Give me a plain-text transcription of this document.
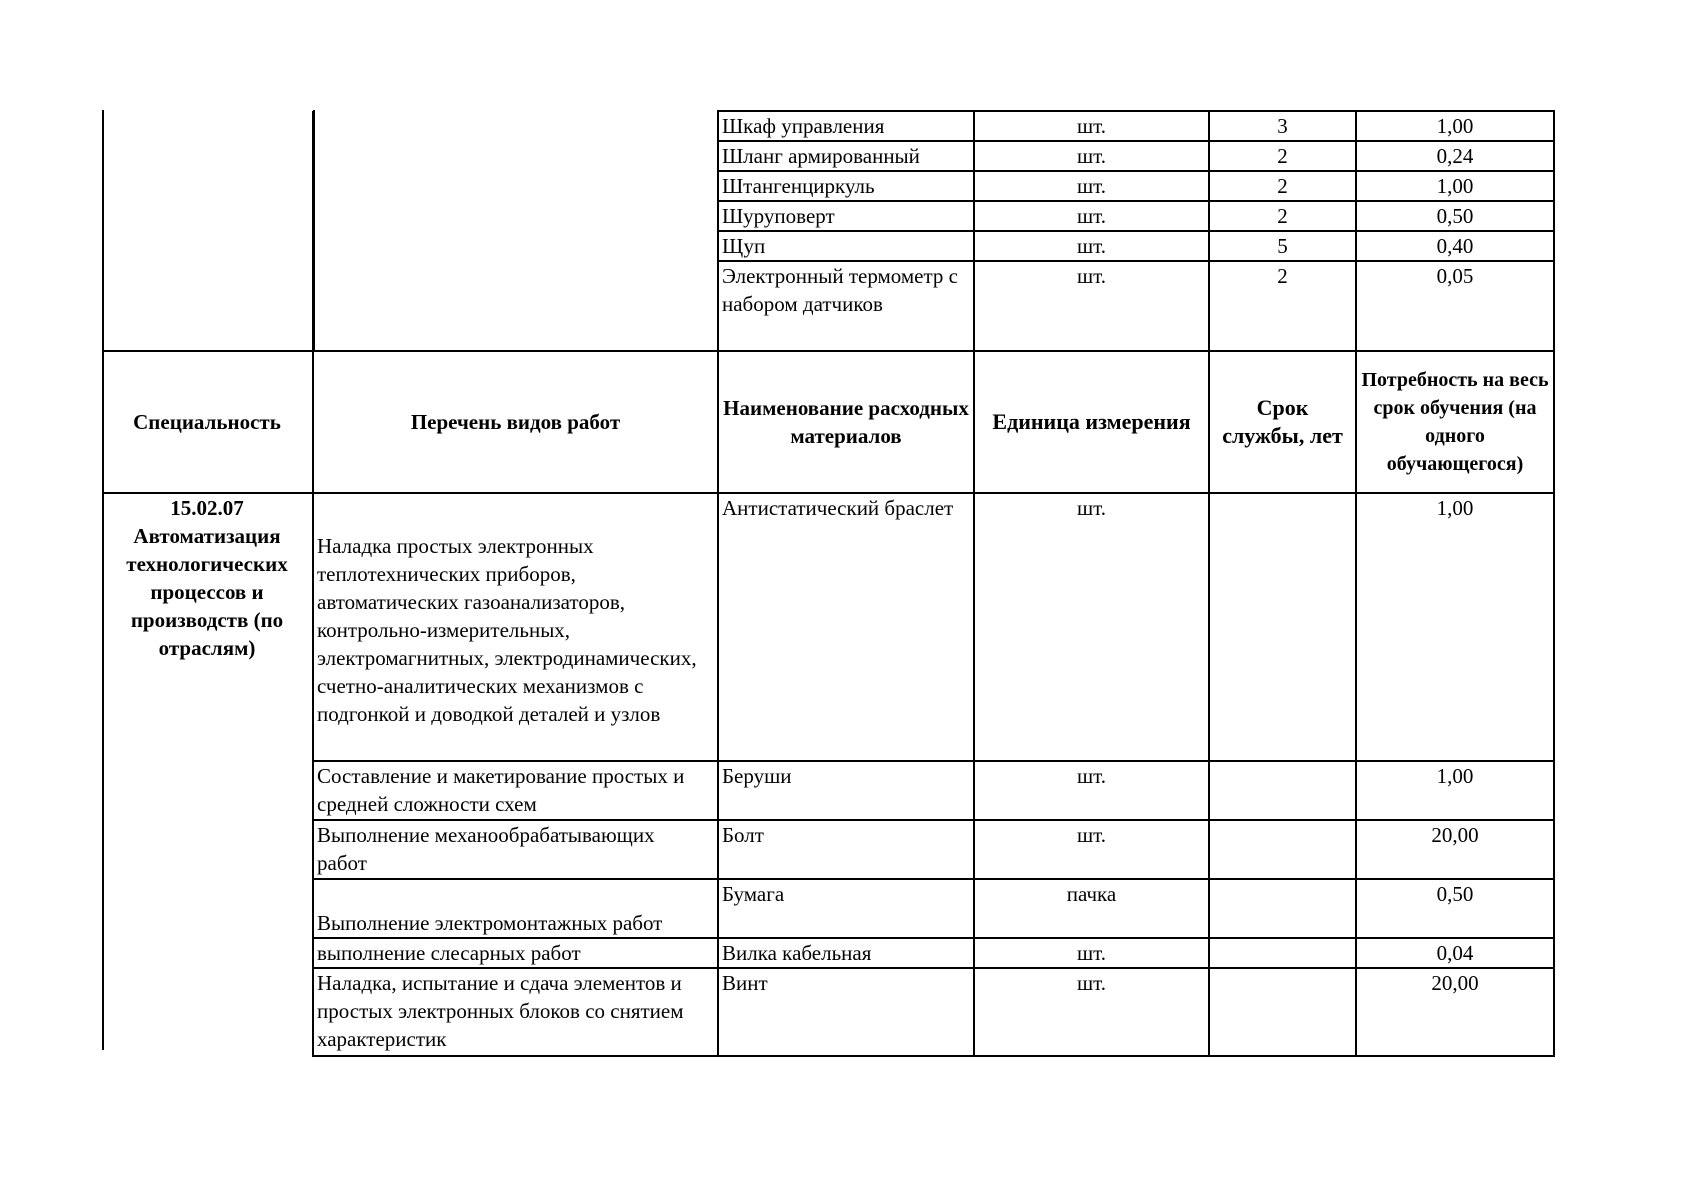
		Шкаф управления	шт.	3	1,00
		Шланг армированный	шт.	2	0,24
		Штангенциркуль	шт.	2	1,00
		Шуруповерт	шт.	2	0,50
		Щуп	шт.	5	0,40
		Электронный термометр с набором датчиков	шт.	2	0,05
Специальность	Перечень видов работ	Наименование расходных материалов	Единица измерения	Срок службы, лет	Потребность на весь срок обучения (на одного обучающегося)

15.02.07
Автоматизация технологических процессов и производств (по отраслям)	Наладка простых электронных теплотехнических приборов, автоматических газоанализаторов, контрольно-измерительных, электромагнитных, электродинамических, счетно-аналитических механизмов с подгонкой и доводкой деталей и узлов	Антистатический браслет	шт.		1,00
	Составление и макетирование простых и средней сложности схем	Беруши	шт.		1,00
	Выполнение механообрабатывающих работ	Болт	шт.		20,00
	Выполнение электромонтажных работ	Бумага	пачка		0,50
	выполнение слесарных работ	Вилка кабельная	шт.		0,04
	Наладка, испытание и сдача элементов и простых электронных блоков со снятием характеристик	Винт	шт.		20,00
